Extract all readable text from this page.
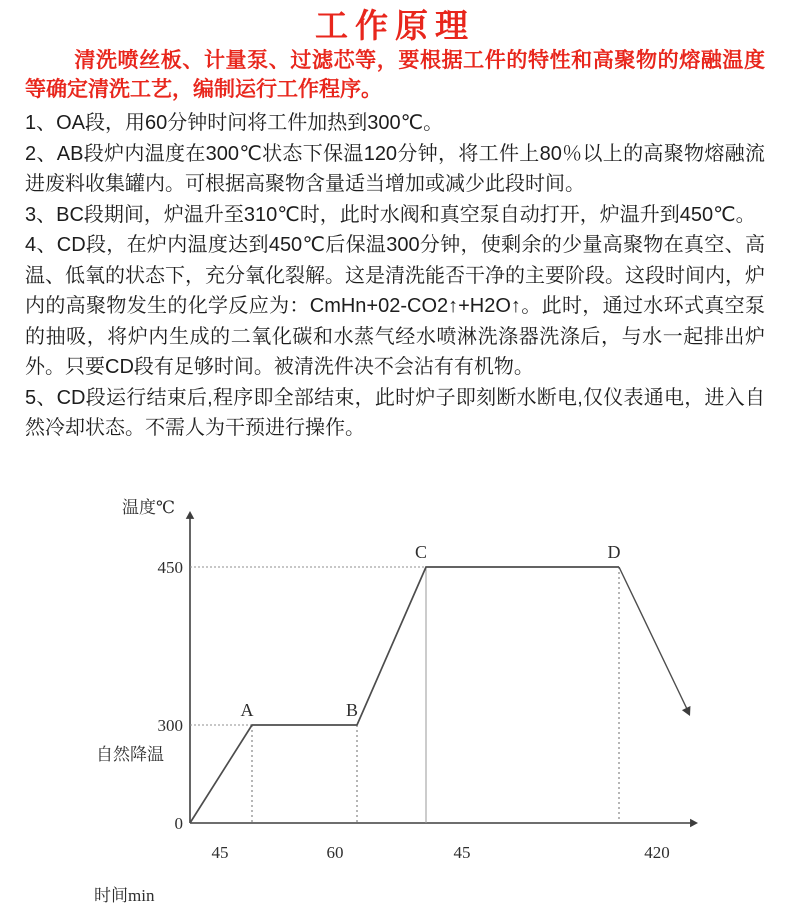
工作原理

清洗喷丝板、计量泵、过滤芯等，要根据工件的特性和高聚物的熔融温度等确定清洗工艺，编制运行工作程序。

1、OA段，用60分钟时问将工件加热到300℃。

2、AB段炉内温度在300℃状态下保温120分钟，将工件上80％以上的高聚物熔融流进废料收集罐内。可根据高聚物含量适当增加或减少此段时间。

3、BC段期间，炉温升至310℃时，此时水阀和真空泵自动打开，炉温升到450℃。

4、CD段，在炉内温度达到450℃后保温300分钟，使剩余的少量高聚物在真空、高温、低氧的状态下，充分氧化裂解。这是清洗能否干净的主要阶段。这段时间内，炉内的高聚物发生的化学反应为：CmHn+02-CO2↑+H2O↑。此时，通过水环式真空泵的抽吸，将炉内生成的二氧化碳和水蒸气经水喷淋洗涤器洗涤后，与水一起排出炉外。只要CD段有足够时间。被清洗件决不会沾有有机物。

5、CD段运行结束后,程序即全部结束，此时炉子即刻断水断电,仅仪表通电，进入自然冷却状态。不需人为干预进行操作。

0
300
450
A	B
C	D
45	60	45	420
温度℃
时间min
自然降温
